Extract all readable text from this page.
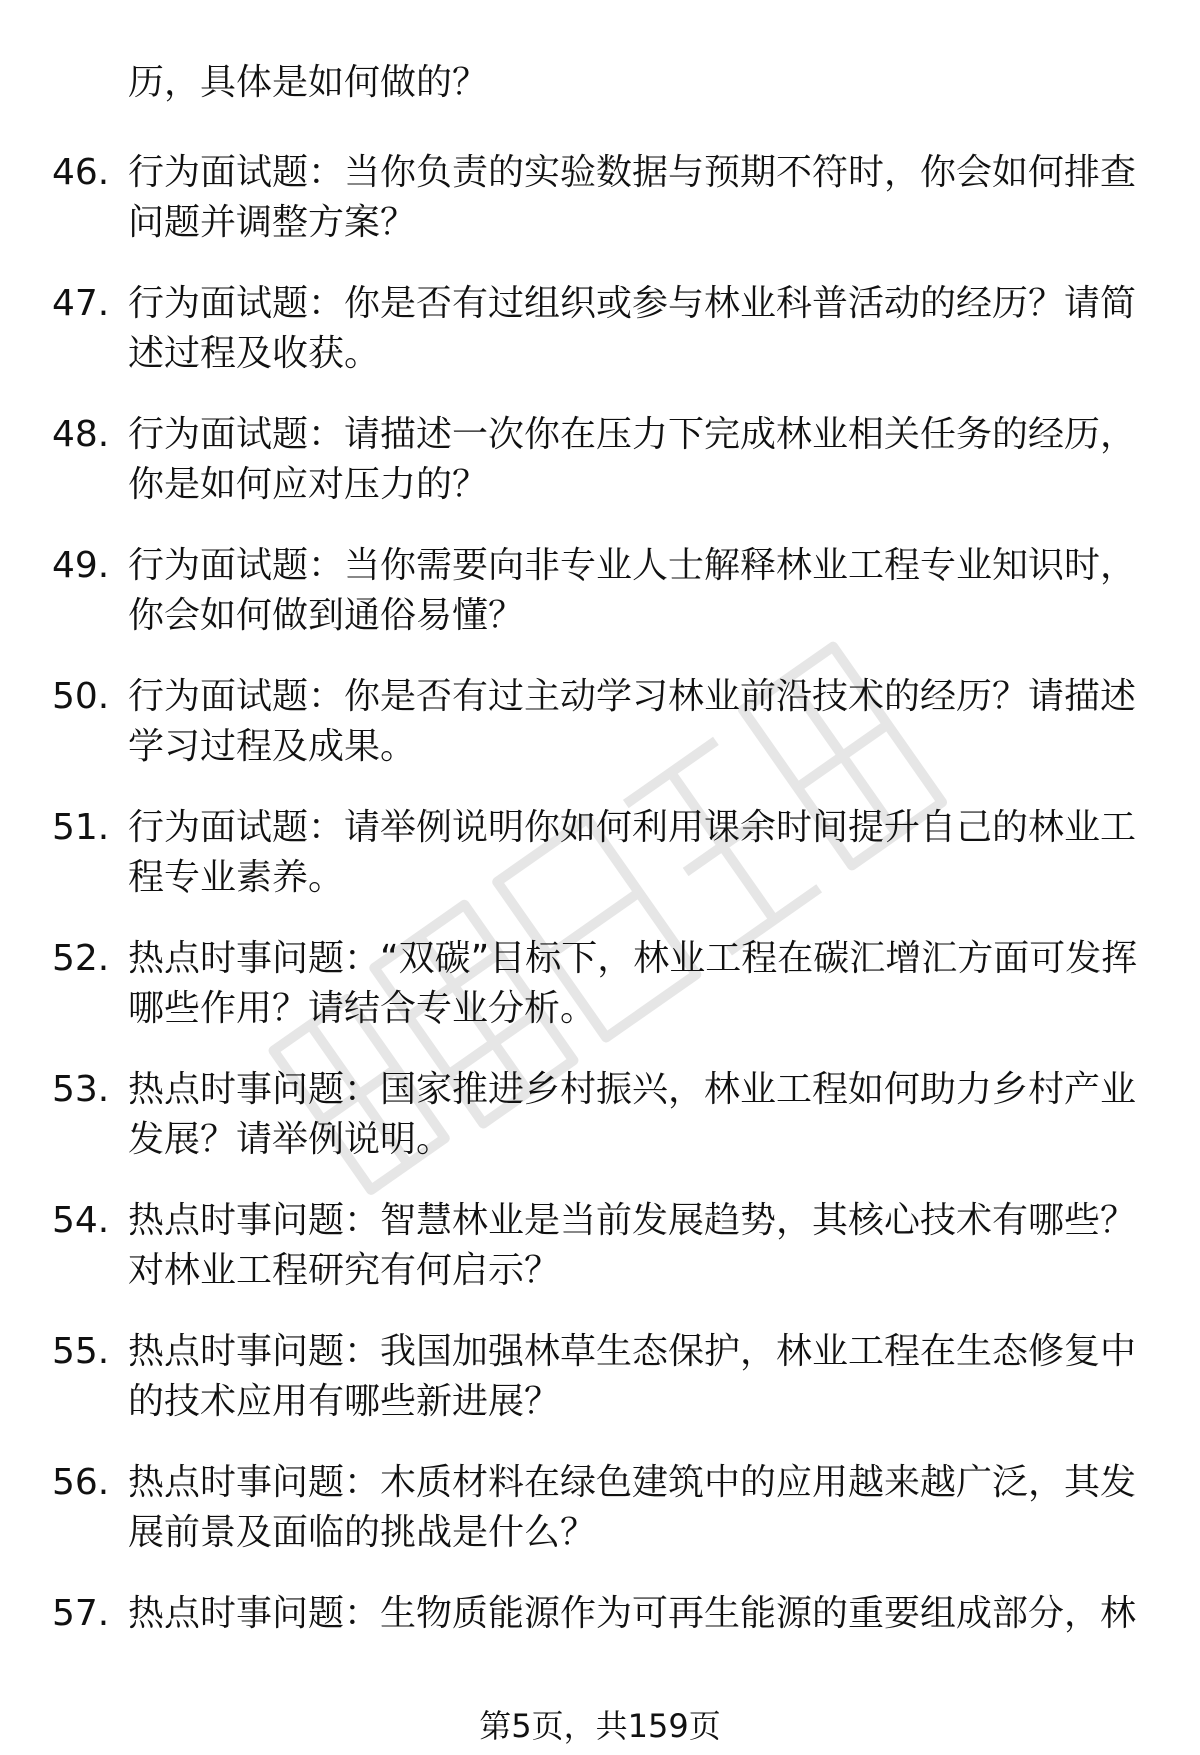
历，具体是如何做的？

46. 行为面试题：当你负责的实验数据与预期不符时，你会如何排查问题并调整方案？

47. 行为面试题：你是否有过组织或参与林业科普活动的经历？请简述过程及收获。

48. 行为面试题：请描述一次你在压力下完成林业相关任务的经历，你是如何应对压力的？

49. 行为面试题：当你需要向非专业人士解释林业工程专业知识时，你会如何做到通俗易懂？

50. 行为面试题：你是否有过主动学习林业前沿技术的经历？请描述学习过程及成果。

51. 行为面试题：请举例说明你如何利用课余时间提升自己的林业工程专业素养。

52. 热点时事问题：“双碳”目标下，林业工程在碳汇增汇方面可发挥哪些作用？请结合专业分析。

53. 热点时事问题：国家推进乡村振兴，林业工程如何助力乡村产业发展？请举例说明。

54. 热点时事问题：智慧林业是当前发展趋势，其核心技术有哪些？对林业工程研究有何启示？

55. 热点时事问题：我国加强林草生态保护，林业工程在生态修复中的技术应用有哪些新进展？

56. 热点时事问题：木质材料在绿色建筑中的应用越来越广泛，其发展前景及面临的挑战是什么？

57. 热点时事问题：生物质能源作为可再生能源的重要组成部分，林

第5页，共159页
